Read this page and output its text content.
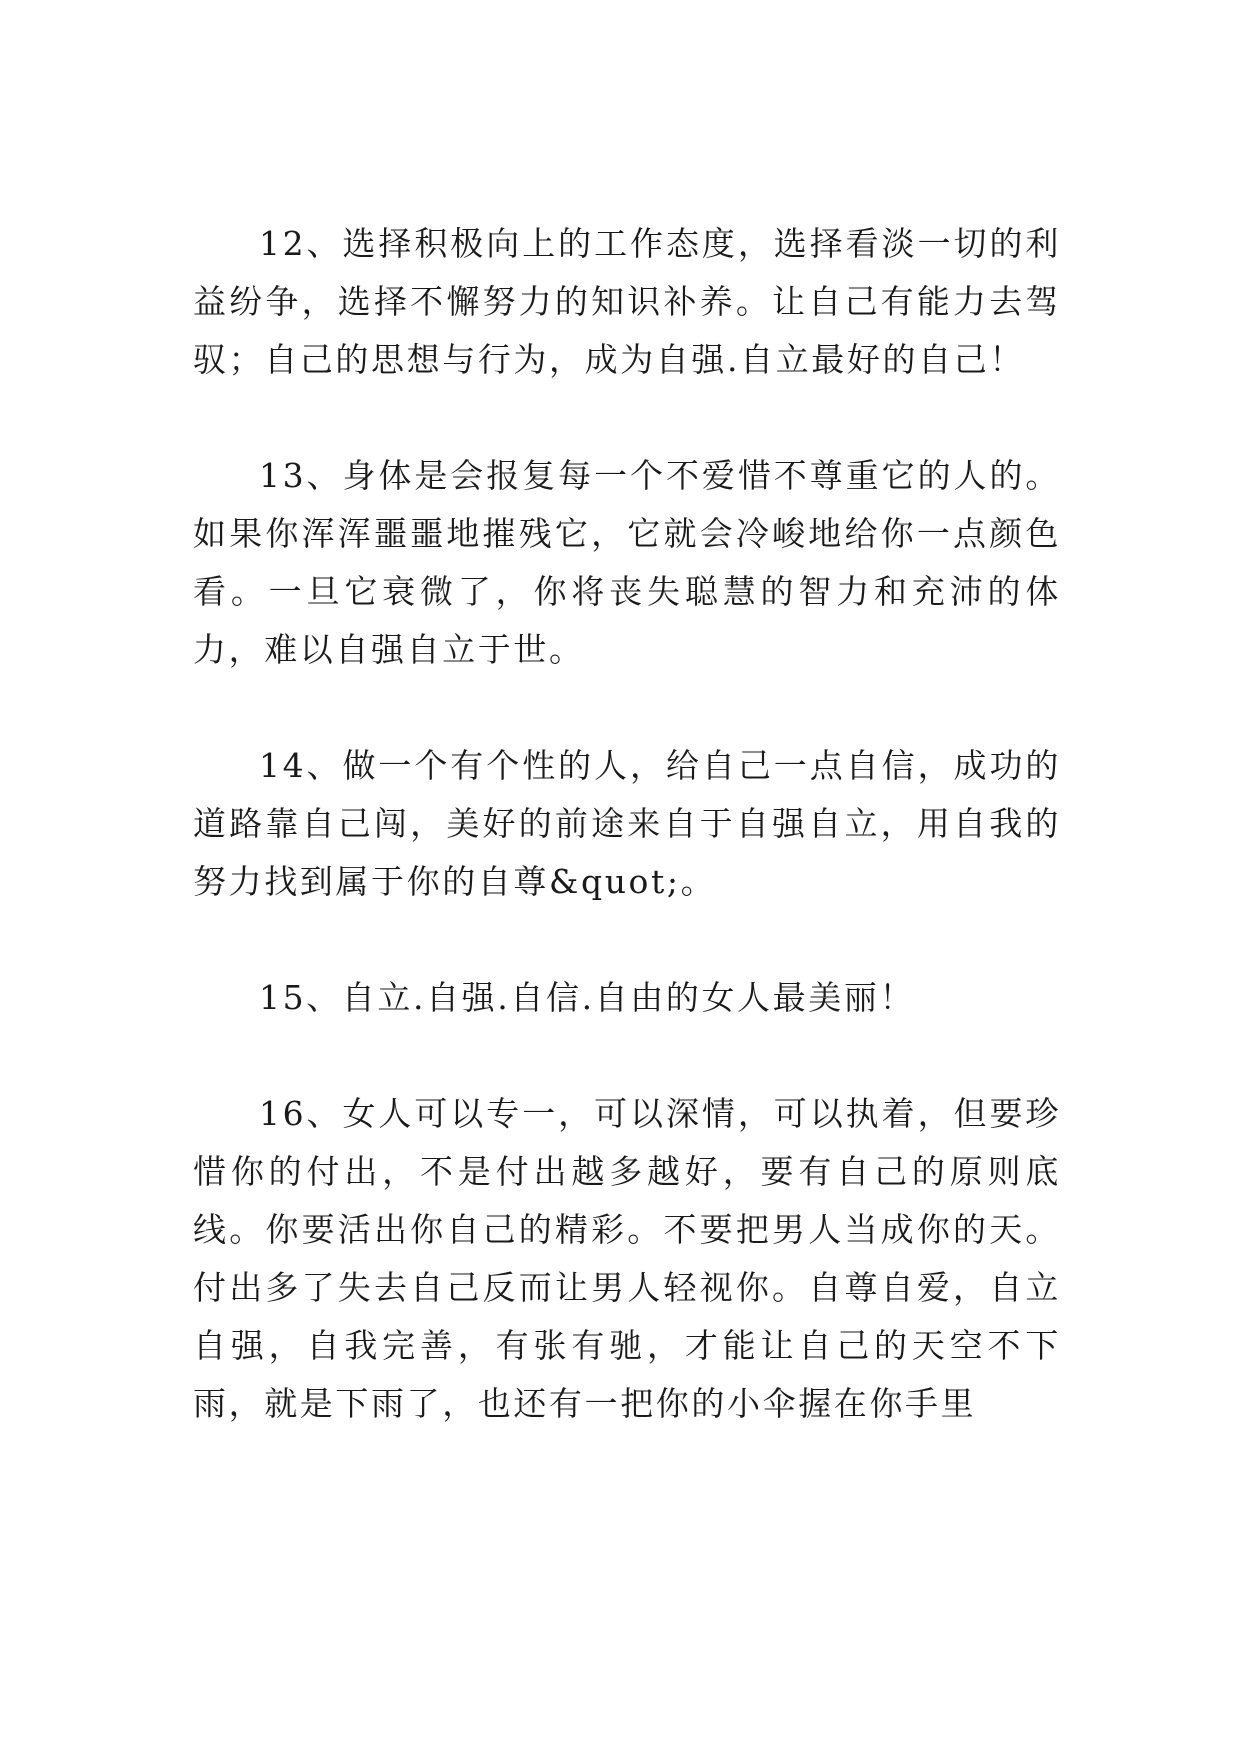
12、选择积极向上的工作态度，选择看淡一切的利益纷争，选择不懈努力的知识补养。让自己有能力去驾驭；自己的思想与行为，成为自强.自立最好的自己！

13、身体是会报复每一个不爱惜不尊重它的人的。如果你浑浑噩噩地摧残它，它就会冷峻地给你一点颜色看。一旦它衰微了，你将丧失聪慧的智力和充沛的体力，难以自强自立于世。

14、做一个有个性的人，给自己一点自信，成功的道路靠自己闯，美好的前途来自于自强自立，用自我的努力找到属于你的自尊&quot;。

15、自立.自强.自信.自由的女人最美丽！

16、女人可以专一，可以深情，可以执着，但要珍惜你的付出，不是付出越多越好，要有自己的原则底线。你要活出你自己的精彩。不要把男人当成你的天。付出多了失去自己反而让男人轻视你。自尊自爱，自立自强，自我完善，有张有驰，才能让自己的天空不下雨，就是下雨了，也还有一把你的小伞握在你手里
